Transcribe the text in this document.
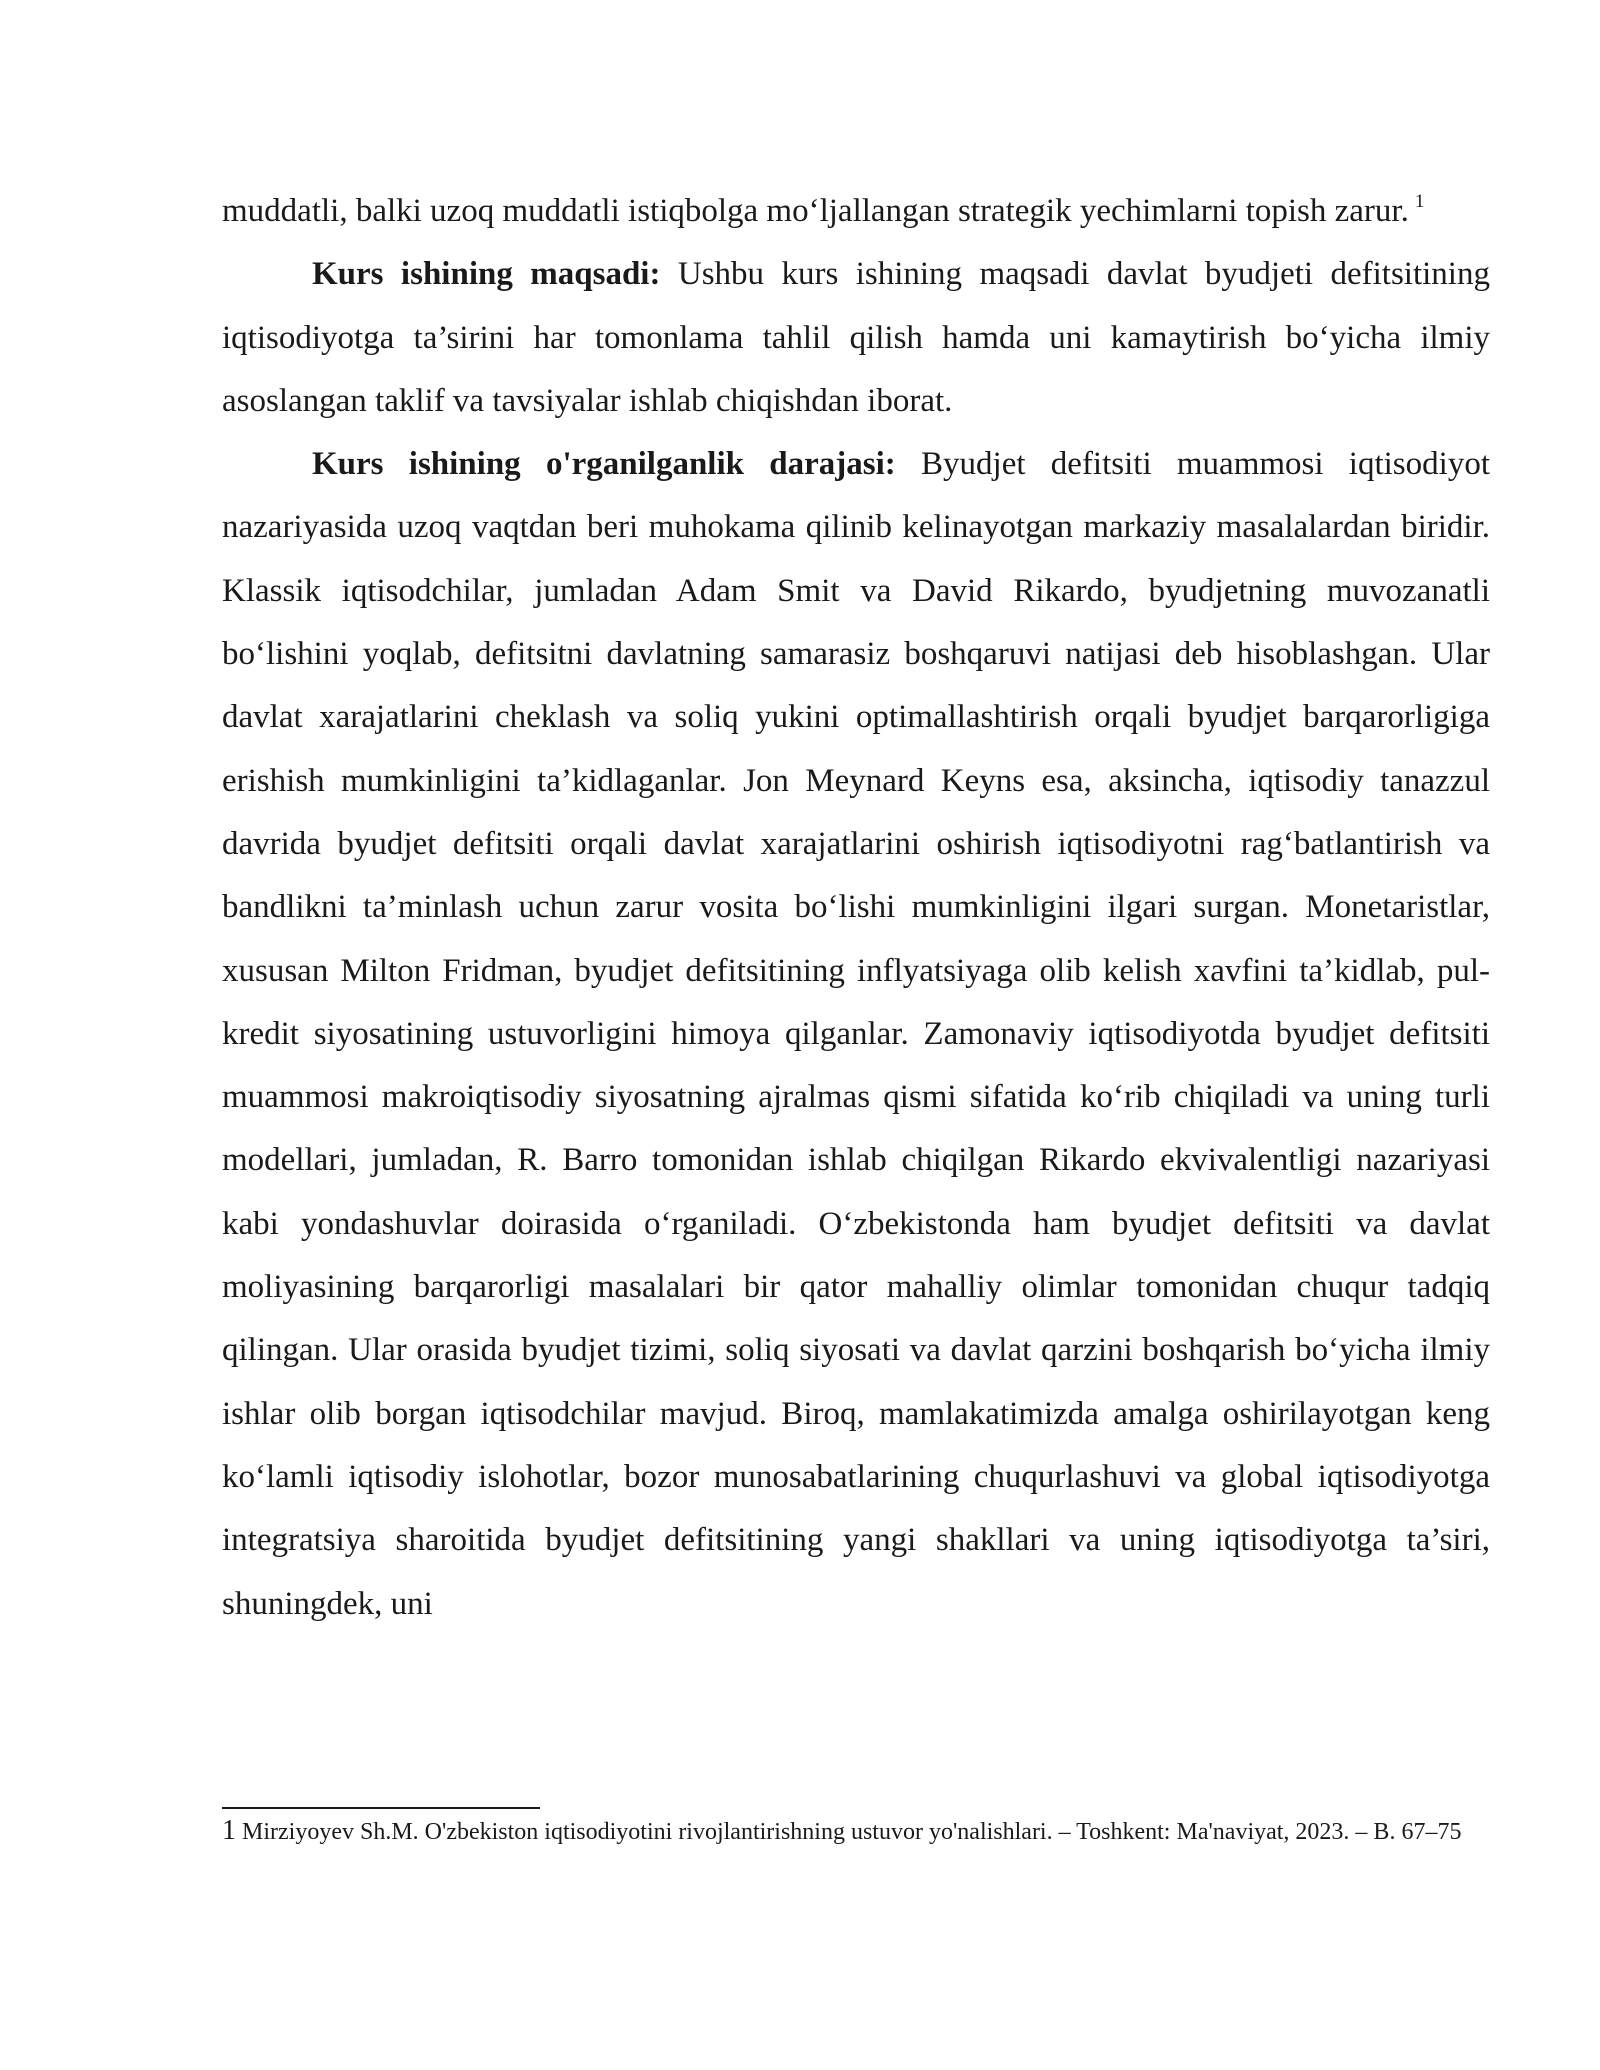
muddatli, balki uzoq muddatli istiqbolga mo‘ljallangan strategik yechimlarni topish zarur. $^1$

Kurs ishining maqsadi: Ushbu kurs ishining maqsadi davlat byudjeti defitsitining iqtisodiyotga ta’sirini har tomonlama tahlil qilish hamda uni kamaytirish bo‘yicha ilmiy asoslangan taklif va tavsiyalar ishlab chiqishdan iborat.

Kurs ishining o'rganilganlik darajasi: Byudjet defitsiti muammosi iqtisodiyot nazariyasida uzoq vaqtdan beri muhokama qilinib kelinayotgan markaziy masalalardan biridir. Klassik iqtisodchilar, jumladan Adam Smit va David Rikardo, byudjetning muvozanatli bo‘lishini yoqlab, defitsitni davlatning samarasiz boshqaruvi natijasi deb hisoblashgan. Ular davlat xarajatlarini cheklash va soliq yukini optimallashtirish orqali byudjet barqarorligiga erishish mumkinligini ta’kidlaganlar. Jon Meynard Keyns esa, aksincha, iqtisodiy tanazzul davrida byudjet defitsiti orqali davlat xarajatlarini oshirish iqtisodiyotni rag‘batlantirish va bandlikni ta’minlash uchun zarur vosita bo‘lishi mumkinligini ilgari surgan. Monetaristlar, xususan Milton Fridman, byudjet defitsitining inflyatsiyaga olib kelish xavfini ta’kidlab, pul-kredit siyosatining ustuvorligini himoya qilganlar. Zamonaviy iqtisodiyotda byudjet defitsiti muammosi makroiqtisodiy siyosatning ajralmas qismi sifatida ko‘rib chiqiladi va uning turli modellari, jumladan, R. Barro tomonidan ishlab chiqilgan Rikardo ekvivalentligi nazariyasi kabi yondashuvlar doirasida o‘rganiladi. O‘zbekistonda ham byudjet defitsiti va davlat moliyasining barqarorligi masalalari bir qator mahalliy olimlar tomonidan chuqur tadqiq qilingan. Ular orasida byudjet tizimi, soliq siyosati va davlat qarzini boshqarish bo‘yicha ilmiy ishlar olib borgan iqtisodchilar mavjud. Biroq, mamlakatimizda amalga oshirilayotgan keng ko‘lamli iqtisodiy islohotlar, bozor munosabatlarining chuqurlashuvi va global iqtisodiyotga integratsiya sharoitida byudjet defitsitining yangi shakllari va uning iqtisodiyotga ta’siri, shuningdek, uni

1 Mirziyoyev Sh.M. O'zbekiston iqtisodiyotini rivojlantirishning ustuvor yo'nalishlari. – Toshkent: Ma'naviyat, 2023. – B. 67–75
